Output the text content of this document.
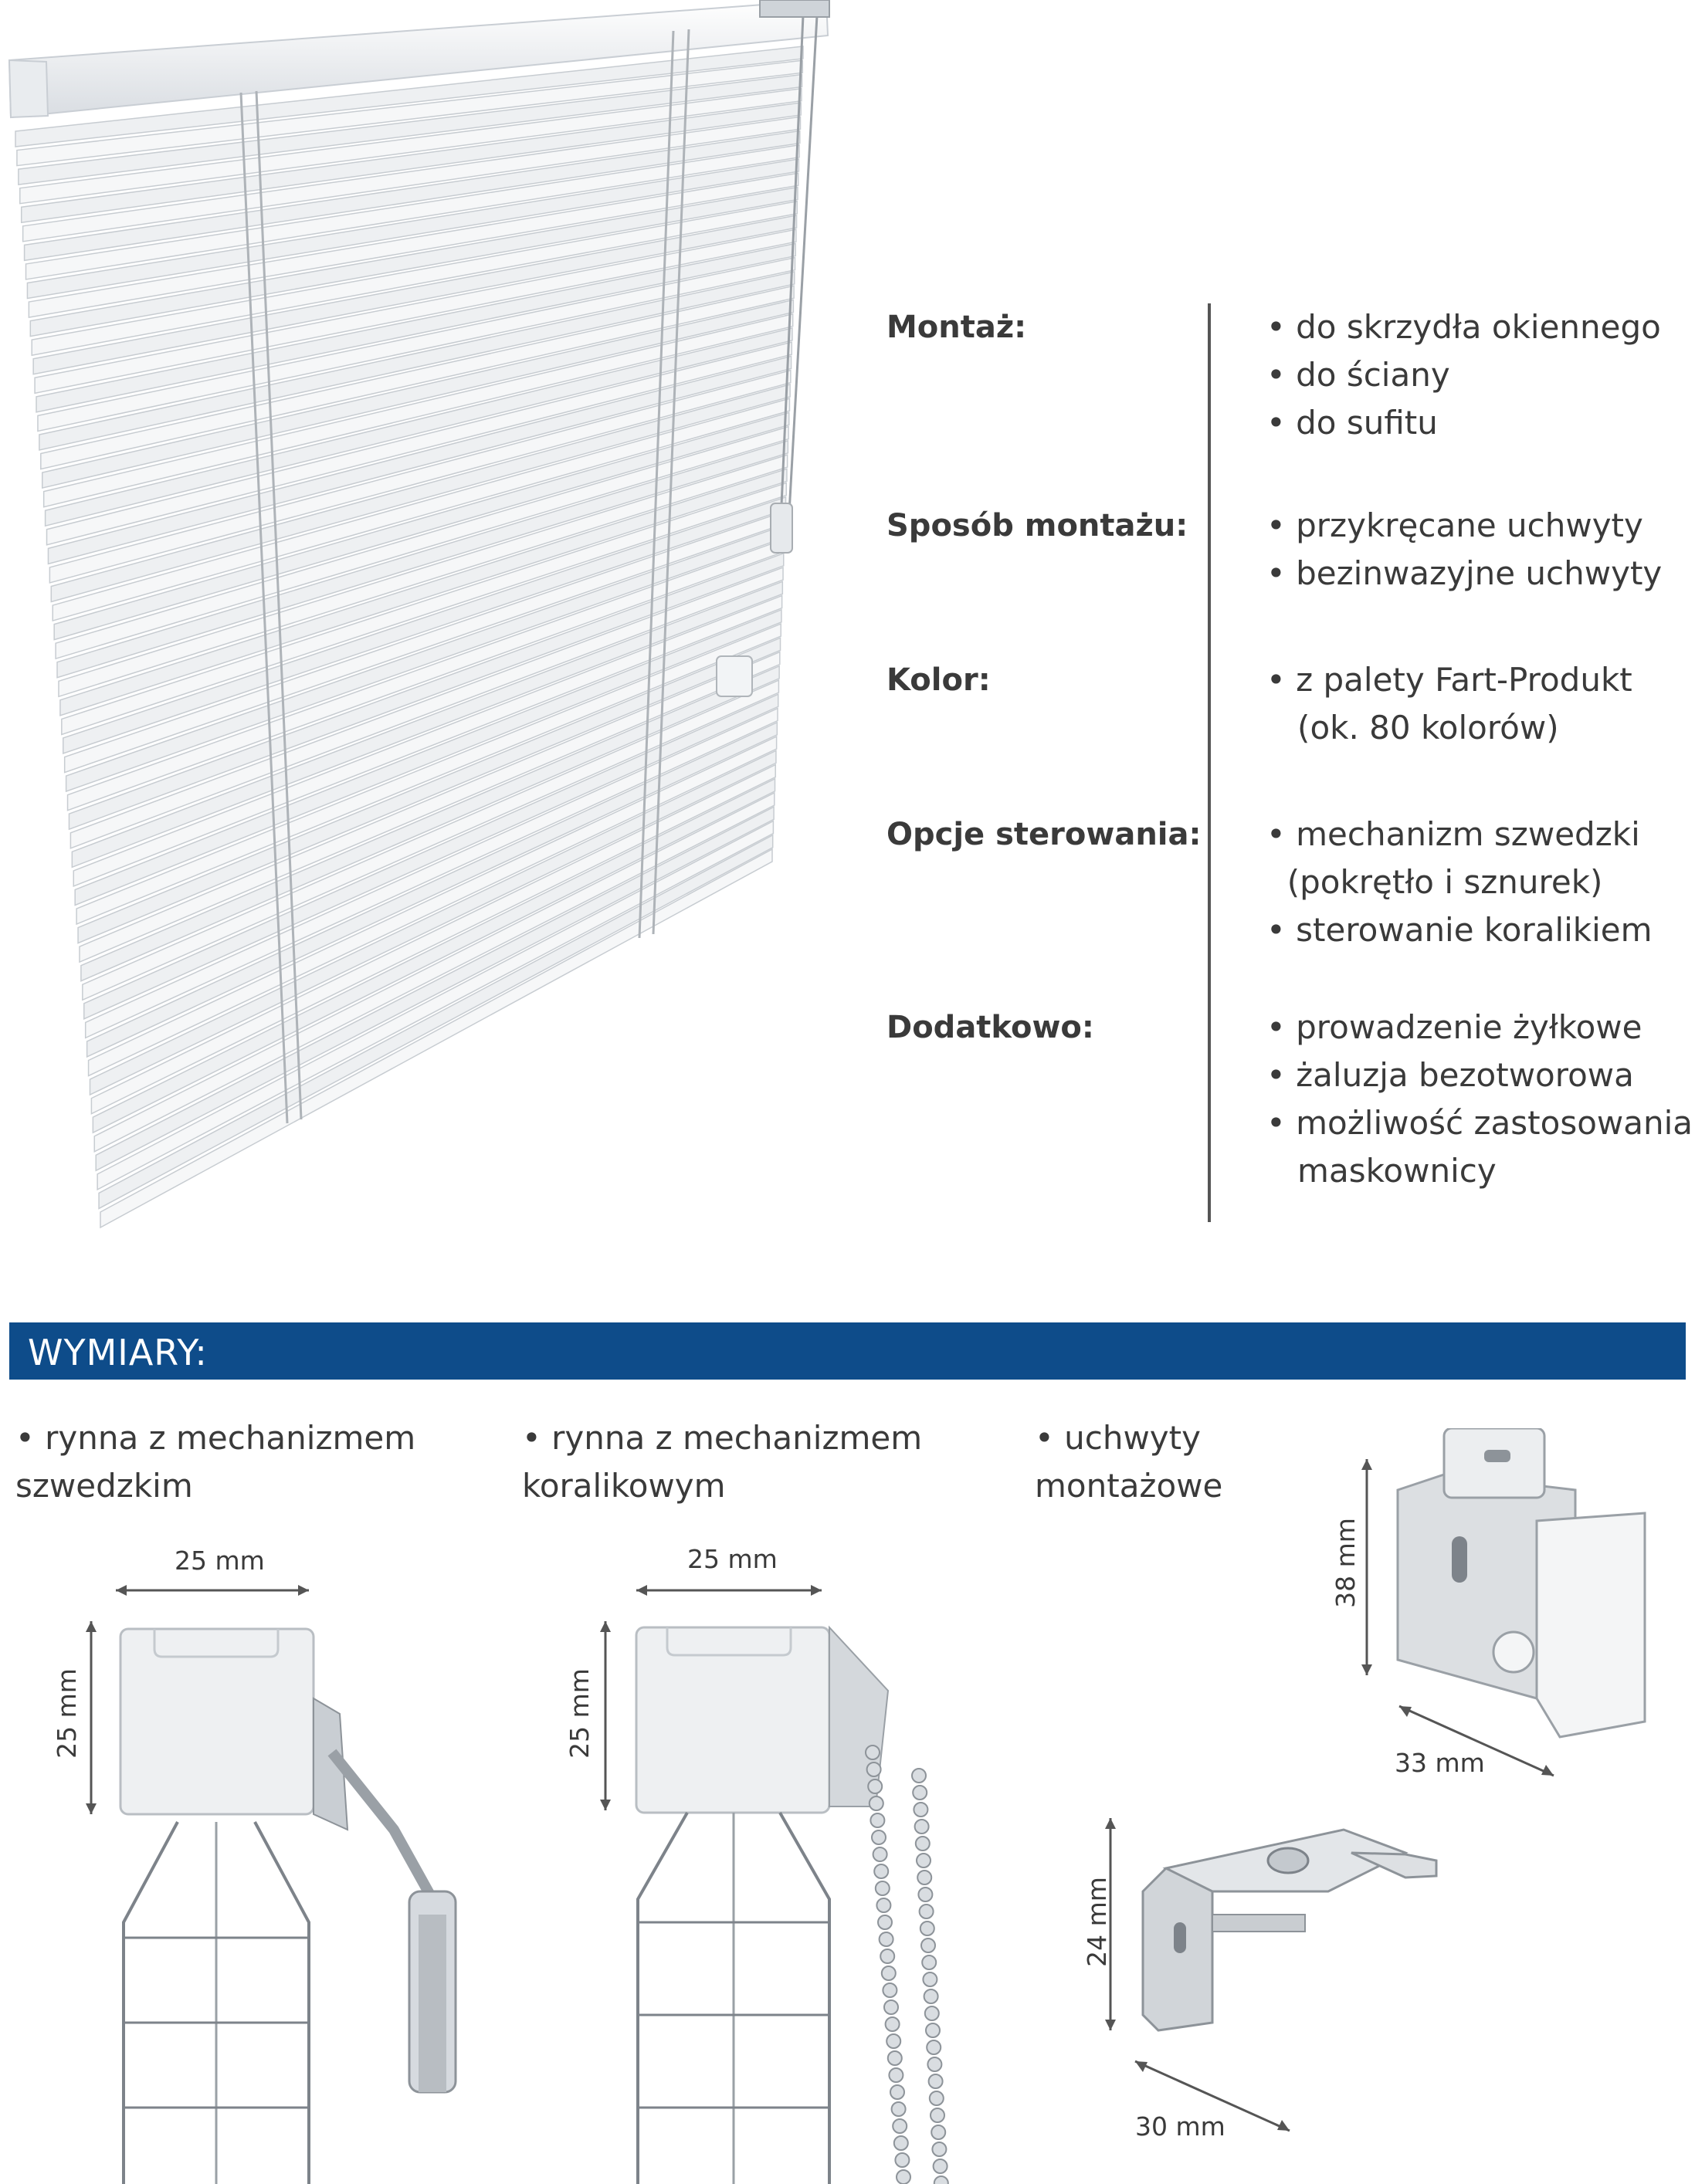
Montaż:	• do skrzydła okiennego
• do ściany
• do sufitu
Sposób montażu: • przykręcane uchwyty
• bezinwazyjne uchwyty
Kolor:	• z palety Fart-Produkt
(ok. 80 kolorów)
Opcje sterowania: • mechanizm szwedzki
(pokrętło i sznurek)
• sterowanie koralikiem
Dodatkowo:	• prowadzenie żyłkowe
• żaluzja bezotworowa
• możliwość zastosowania
maskownicy
WYMIARY:
• rynna z mechanizmem
szwedzkim
25 mm
25 mm
• rynna z mechanizmem
koralikowym
25 mm
25 mm
• uchwyty
montażowe
38 mm
33 mm
24 mm
30 mm
